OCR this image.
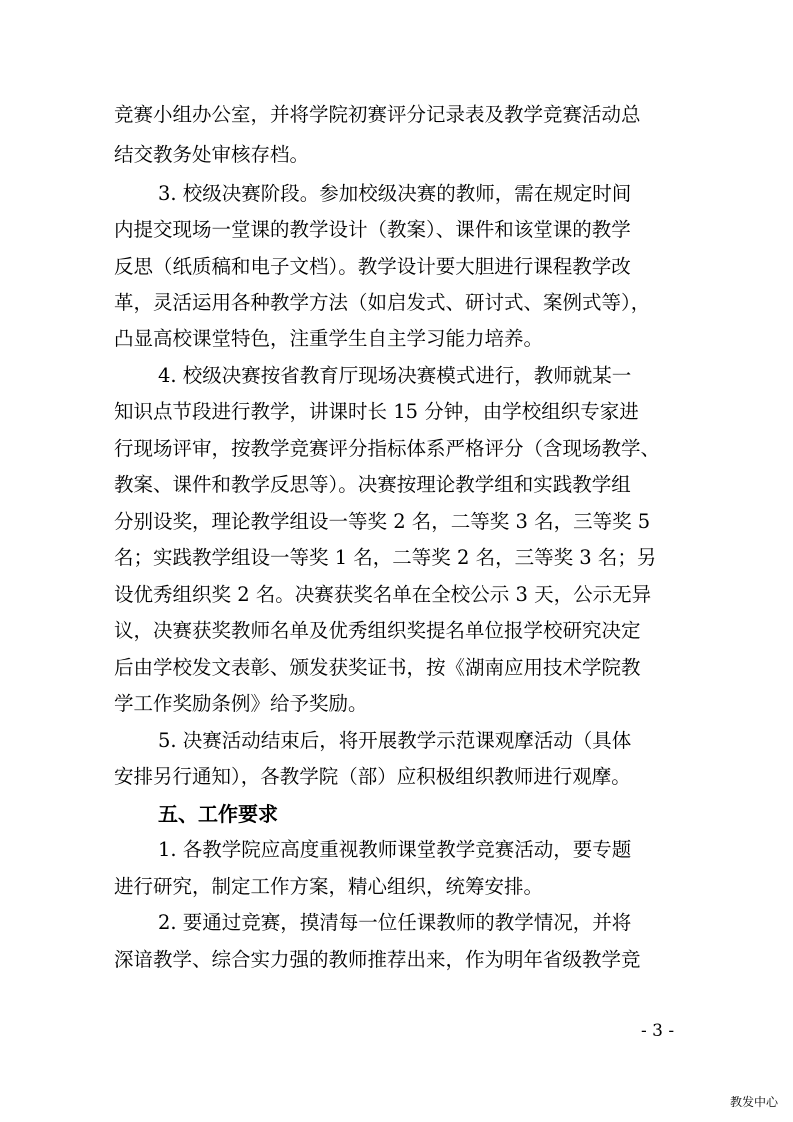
竞赛小组办公室，并将学院初赛评分记录表及教学竞赛活动总
结交教务处审核存档。
3. 校级决赛阶段。参加校级决赛的教师，需在规定时间
内提交现场一堂课的教学设计（教案）、课件和该堂课的教学
反思（纸质稿和电子文档）。教学设计要大胆进行课程教学改
革，灵活运用各种教学方法（如启发式、研讨式、案例式等），
凸显高校课堂特色，注重学生自主学习能力培养。
4. 校级决赛按省教育厅现场决赛模式进行，教师就某一
知识点节段进行教学，讲课时长 15 分钟，由学校组织专家进
行现场评审，按教学竞赛评分指标体系严格评分（含现场教学、
教案、课件和教学反思等）。决赛按理论教学组和实践教学组
分别设奖，理论教学组设一等奖 2 名，二等奖 3 名，三等奖 5
名；实践教学组设一等奖 1 名，二等奖 2 名，三等奖 3 名；另
设优秀组织奖 2 名。决赛获奖名单在全校公示 3 天，公示无异
议，决赛获奖教师名单及优秀组织奖提名单位报学校研究决定
后由学校发文表彰、颁发获奖证书，按《湖南应用技术学院教
学工作奖励条例》给予奖励。
5. 决赛活动结束后，将开展教学示范课观摩活动（具体
安排另行通知），各教学院（部）应积极组织教师进行观摩。
五、工作要求
1. 各教学院应高度重视教师课堂教学竞赛活动，要专题
进行研究，制定工作方案，精心组织，统筹安排。
2. 要通过竞赛，摸清每一位任课教师的教学情况，并将
深谙教学、综合实力强的教师推荐出来，作为明年省级教学竞
- 3 -
教发中心
